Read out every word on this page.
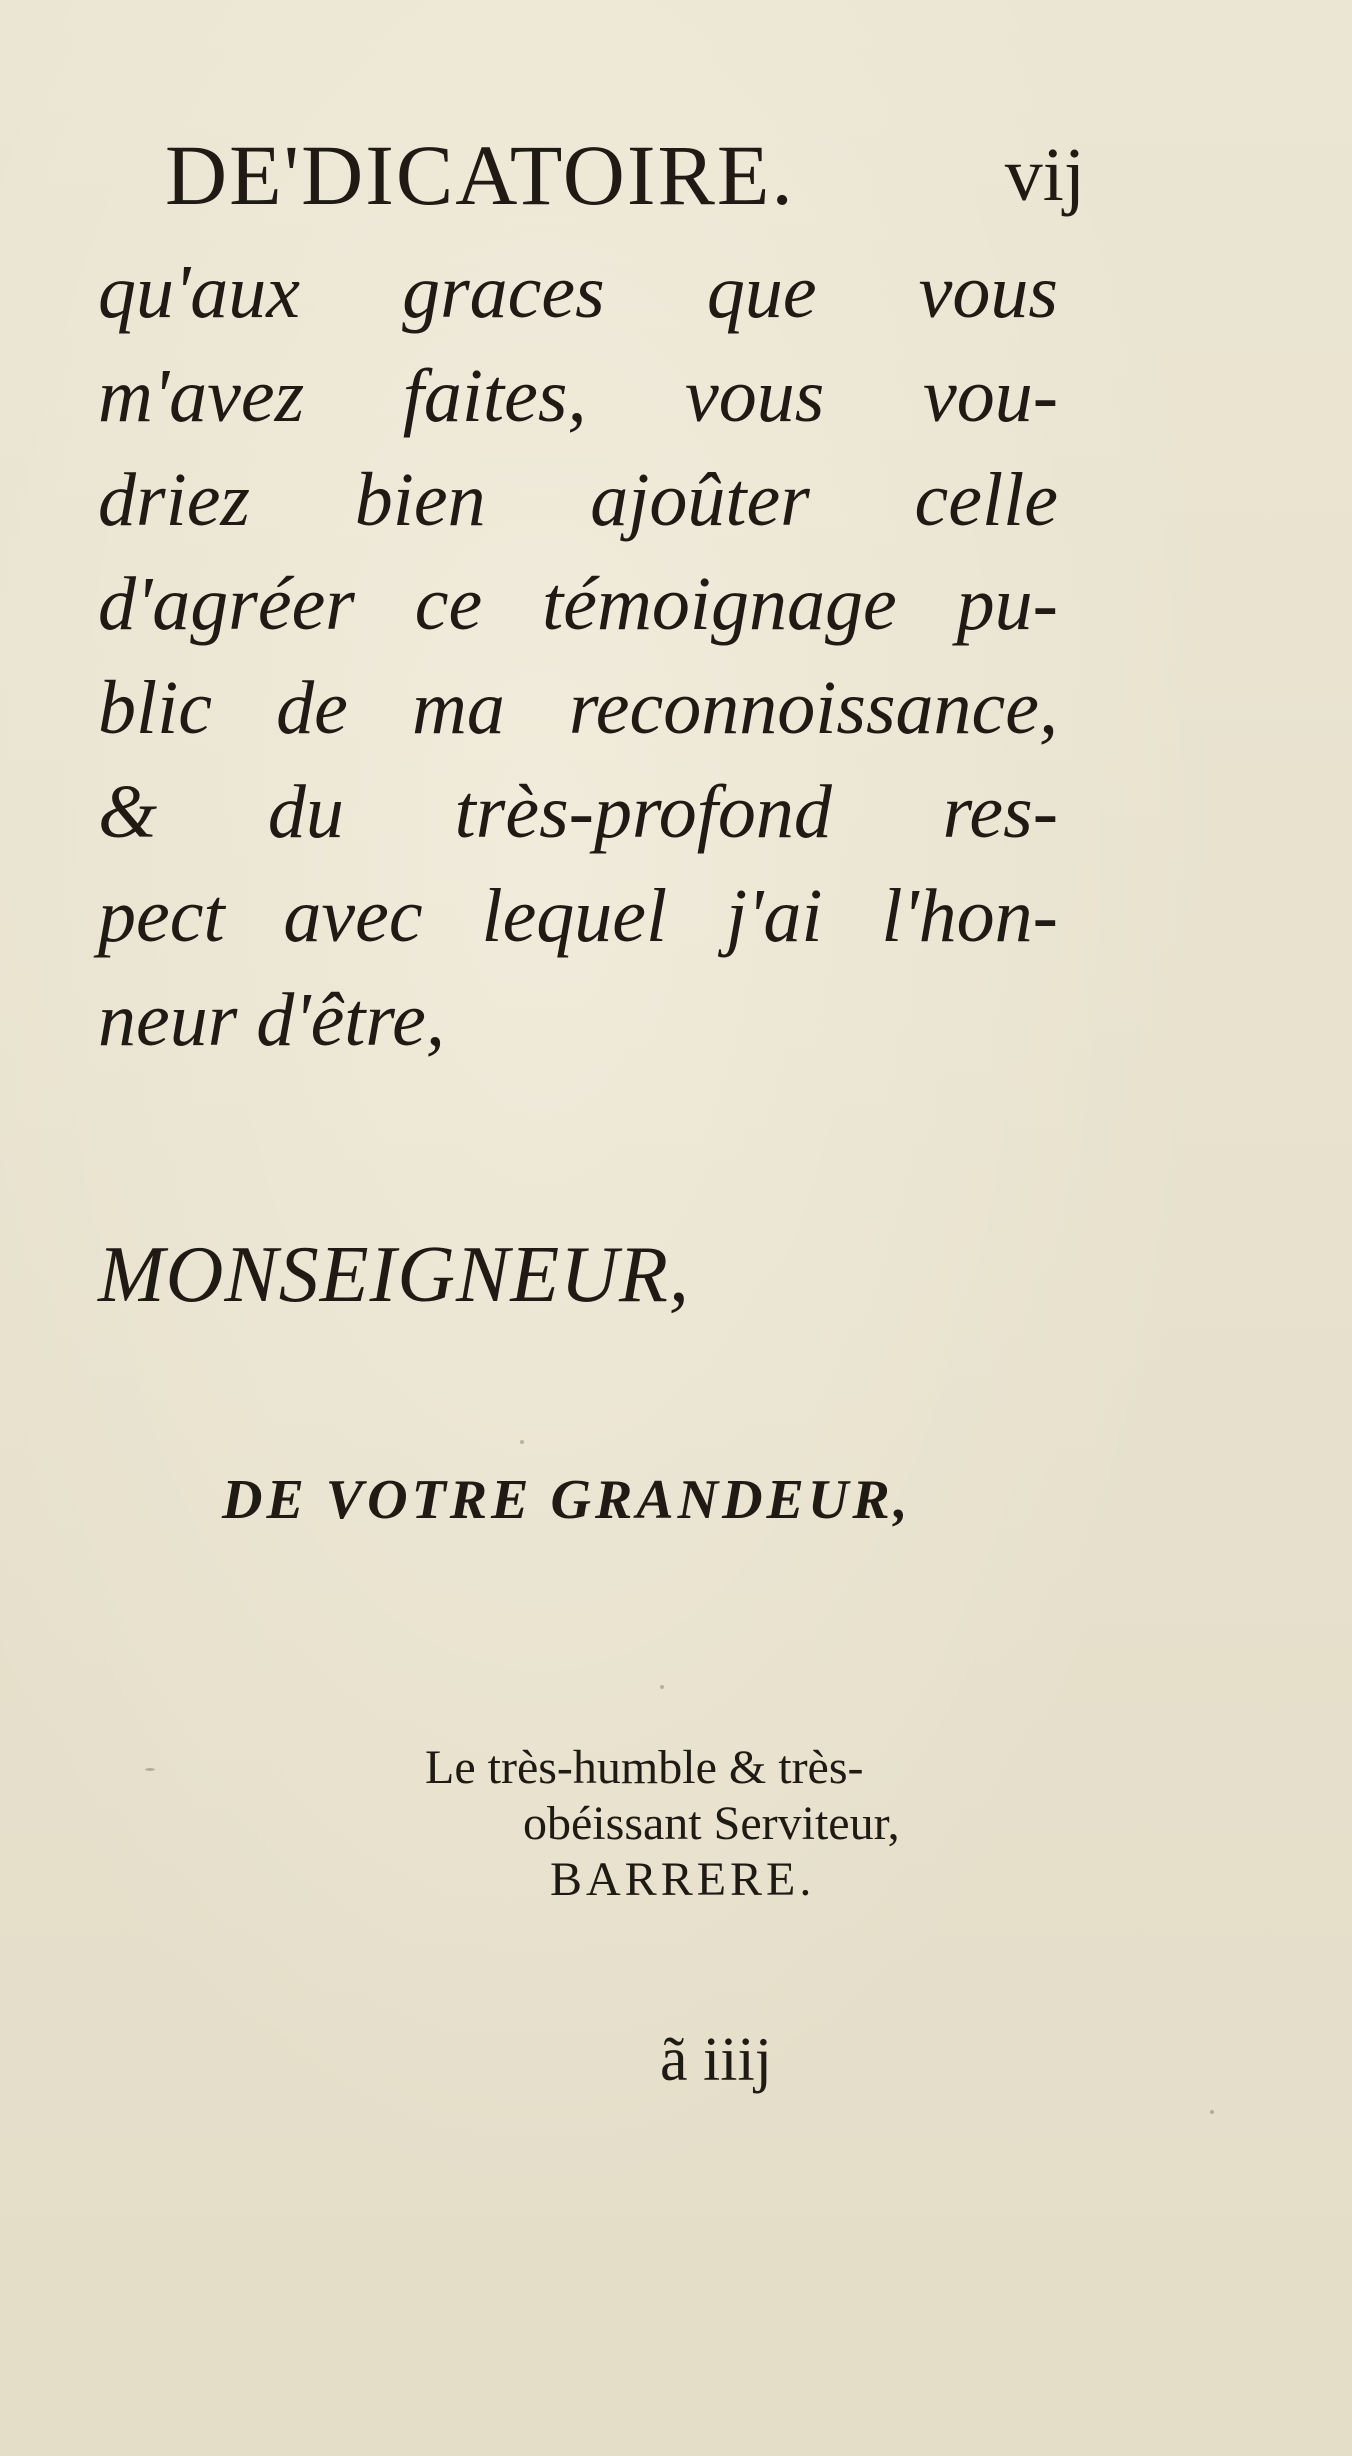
DE'DICATOIRE.	vij
qu'aux graces que vous
m'avez faites, vous vou-
driez bien ajoûter celle
d'agréer ce témoignage pu-
blic de ma reconnoissance,
& du très-profond res-
pect avec lequel j'ai l'hon-
neur d'être,
MONSEIGNEUR,
DE VOTRE GRANDEUR,
Le très-humble & très-
obéissant Serviteur,
BARRERE.
ã iiij
